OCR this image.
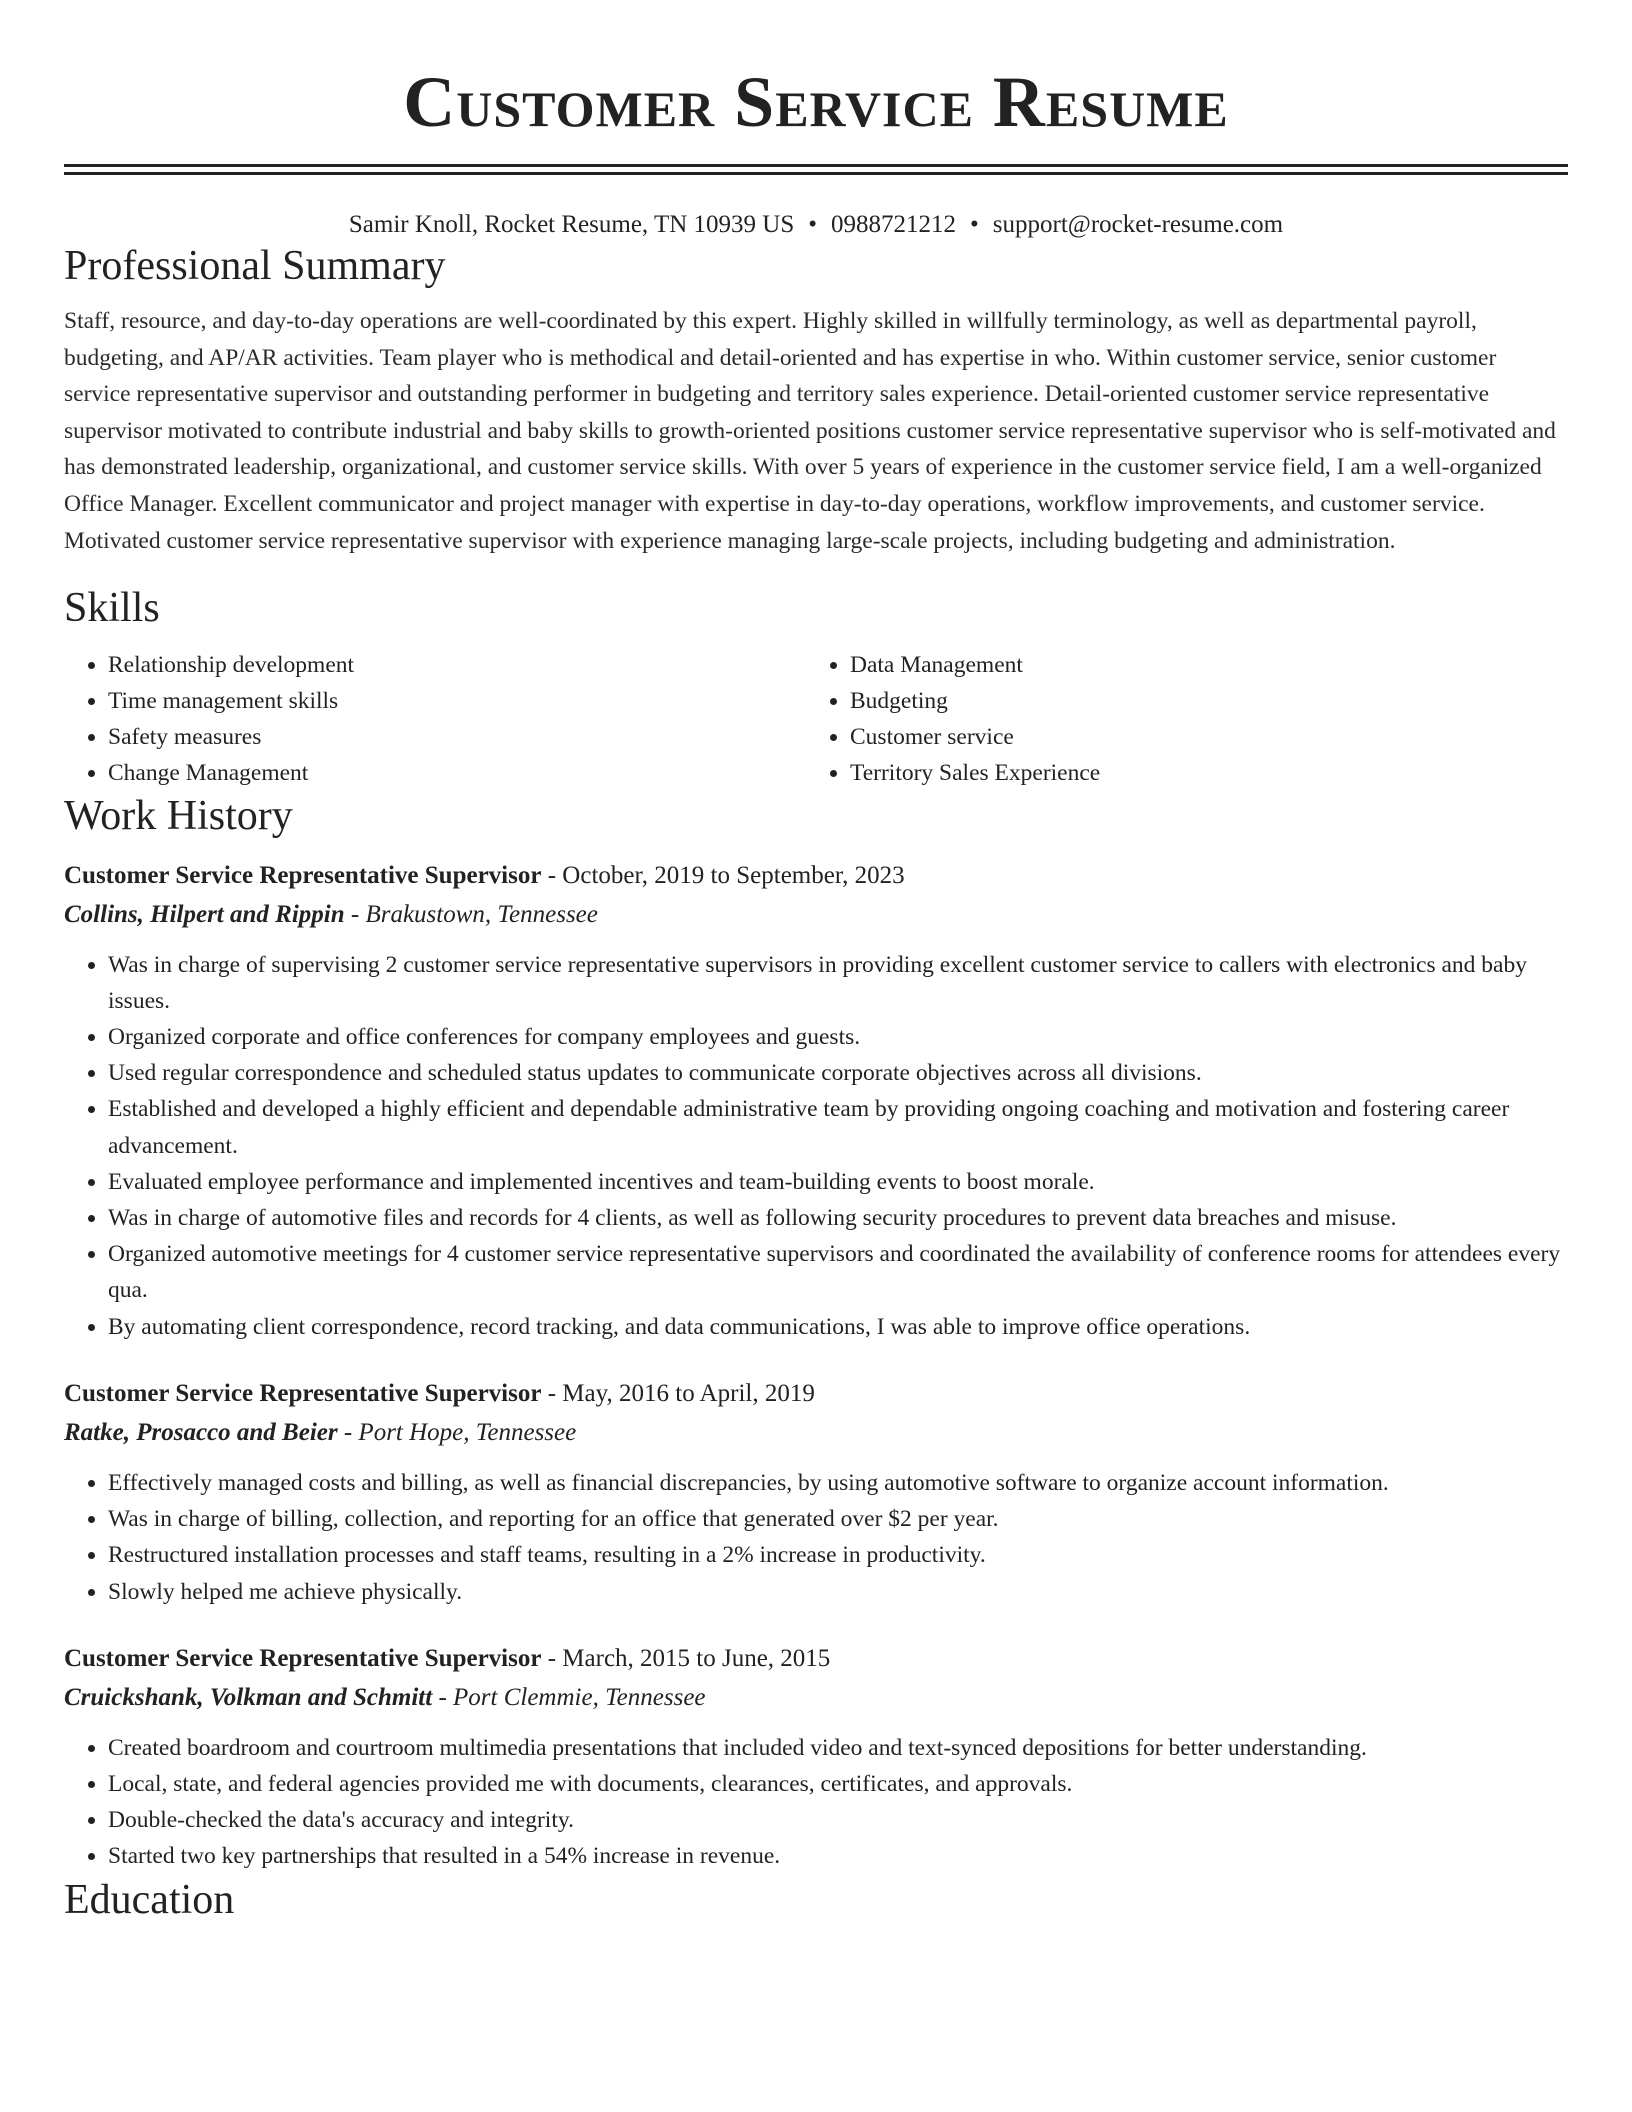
Customer Service Resume
Samir Knoll, Rocket Resume, TN 10939 US • 0988721212 • support@rocket-resume.com
Professional Summary

Staff, resource, and day-to-day operations are well-coordinated by this expert. Highly skilled in willfully terminology, as well as departmental payroll, budgeting, and AP/AR activities. Team player who is methodical and detail-oriented and has expertise in who. Within customer service, senior customer service representative supervisor and outstanding performer in budgeting and territory sales experience. Detail-oriented customer service representative supervisor motivated to contribute industrial and baby skills to growth-oriented positions customer service representative supervisor who is self-motivated and has demonstrated leadership, organizational, and customer service skills. With over 5 years of experience in the customer service field, I am a well-organized Office Manager. Excellent communicator and project manager with expertise in day-to-day operations, workflow improvements, and customer service. Motivated customer service representative supervisor with experience managing large-scale projects, including budgeting and administration.

Skills
• Relationship development
• Time management skills
• Safety measures
• Change Management
• Data Management
• Budgeting
• Customer service
• Territory Sales Experience
Work History
Customer Service Representative Supervisor - October, 2019 to September, 2023
Collins, Hilpert and Rippin - Brakustown, Tennessee
• Was in charge of supervising 2 customer service representative supervisors in providing excellent customer service to callers with electronics and baby issues.
• Organized corporate and office conferences for company employees and guests.
• Used regular correspondence and scheduled status updates to communicate corporate objectives across all divisions.
• Established and developed a highly efficient and dependable administrative team by providing ongoing coaching and motivation and fostering career advancement.
• Evaluated employee performance and implemented incentives and team-building events to boost morale.
• Was in charge of automotive files and records for 4 clients, as well as following security procedures to prevent data breaches and misuse.
• Organized automotive meetings for 4 customer service representative supervisors and coordinated the availability of conference rooms for attendees every qua.
• By automating client correspondence, record tracking, and data communications, I was able to improve office operations.
Customer Service Representative Supervisor - May, 2016 to April, 2019
Ratke, Prosacco and Beier - Port Hope, Tennessee
• Effectively managed costs and billing, as well as financial discrepancies, by using automotive software to organize account information.
• Was in charge of billing, collection, and reporting for an office that generated over $2 per year.
• Restructured installation processes and staff teams, resulting in a 2% increase in productivity.
• Slowly helped me achieve physically.
Customer Service Representative Supervisor - March, 2015 to June, 2015
Cruickshank, Volkman and Schmitt - Port Clemmie, Tennessee
• Created boardroom and courtroom multimedia presentations that included video and text-synced depositions for better understanding.
• Local, state, and federal agencies provided me with documents, clearances, certificates, and approvals.
• Double-checked the data's accuracy and integrity.
• Started two key partnerships that resulted in a 54% increase in revenue.
Education
